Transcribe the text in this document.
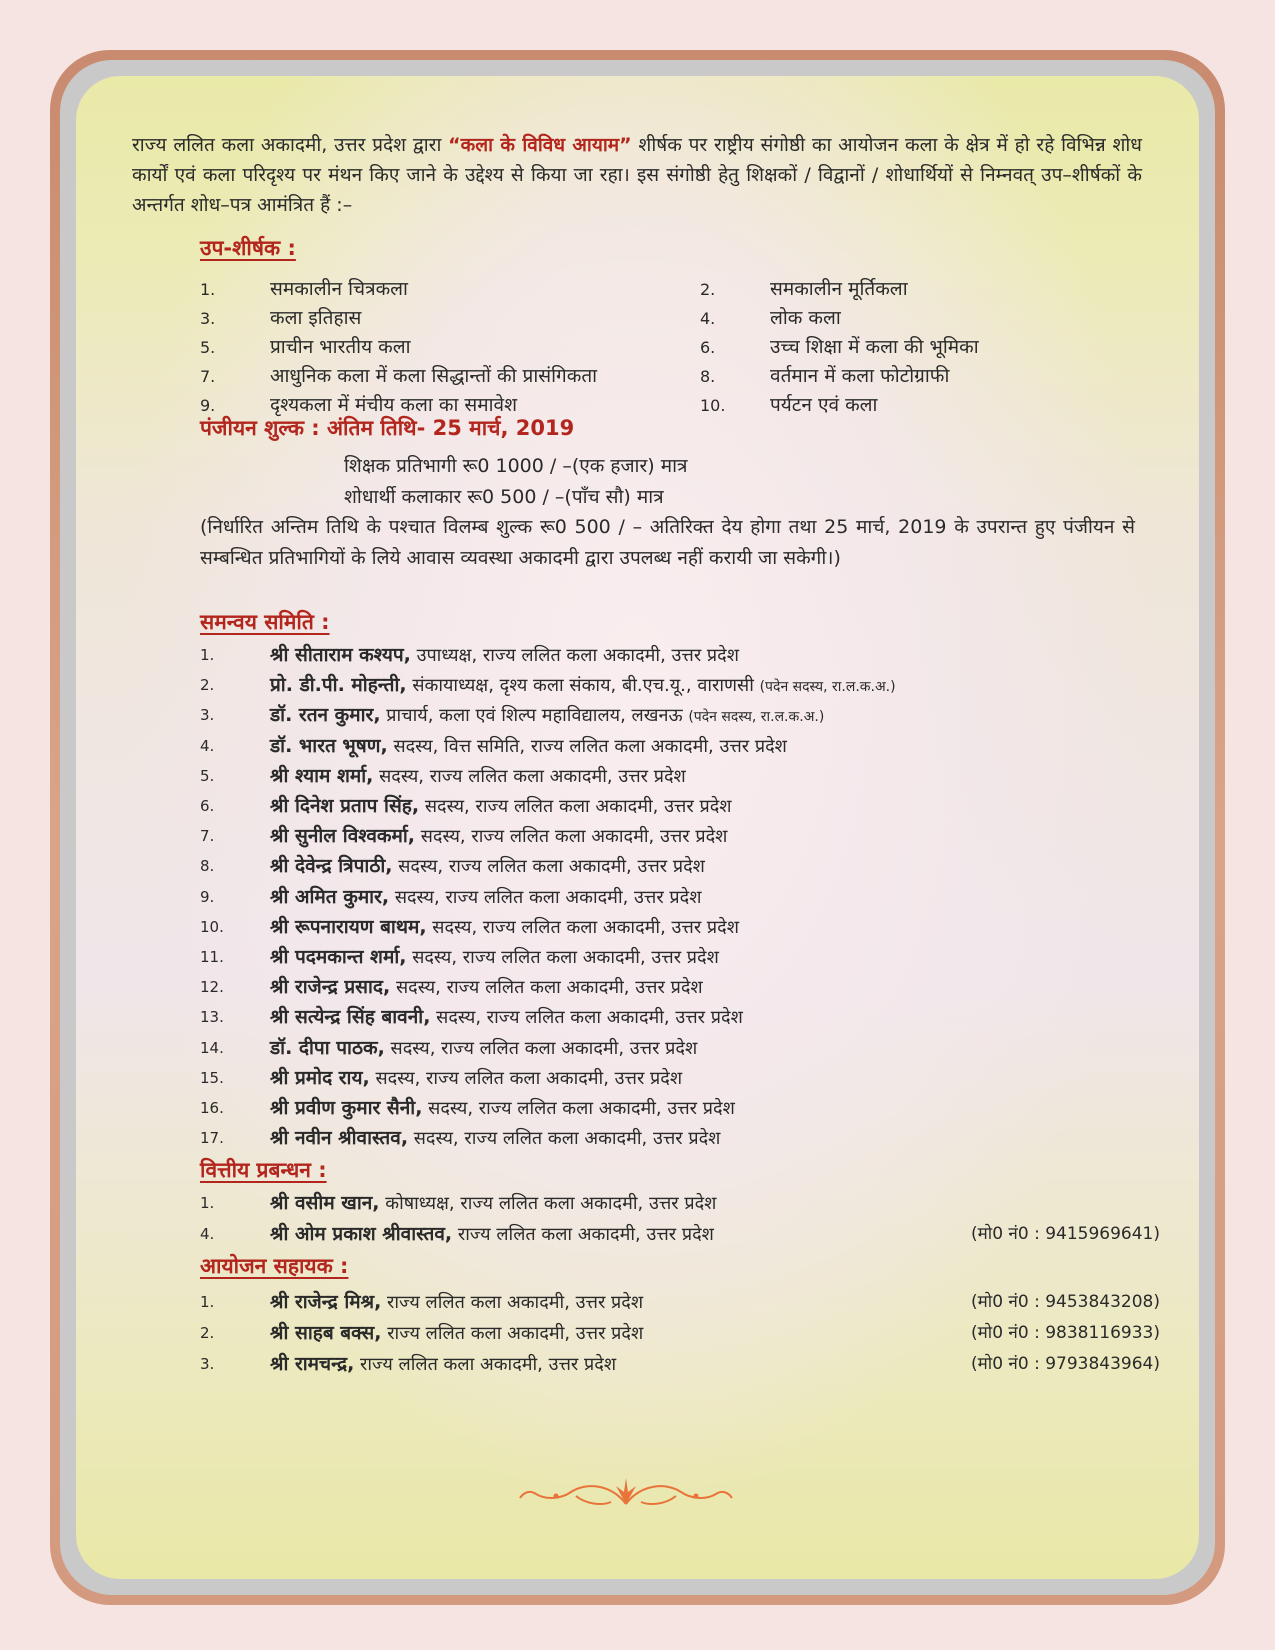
राज्य ललित कला अकादमी, उत्तर प्रदेश द्वारा “कला के विविध आयाम” शीर्षक पर राष्ट्रीय संगोष्ठी का आयोजन कला के क्षेत्र में हो रहे विभिन्न शोध कार्यों एवं कला परिदृश्य पर मंथन किए जाने के उद्देश्य से किया जा रहा। इस संगोष्ठी हेतु शिक्षकों / विद्वानों / शोधार्थियों से निम्नवत् उप–शीर्षकों के अन्तर्गत शोध–पत्र आमंत्रित हैं :–

उप-शीर्षक :
1.	समकालीन चित्रकला	2.	समकालीन मूर्तिकला
3.	कला इतिहास	4.	लोक कला
5.	प्राचीन भारतीय कला	6.	उच्च शिक्षा में कला की भूमिका
7.	आधुनिक कला में कला सिद्धान्तों की प्रासंगिकता	8.	वर्तमान में कला फोटोग्राफी
9.	दृश्यकला में मंचीय कला का समावेश	10. पर्यटन एवं कला
पंजीयन शुल्क : अंतिम तिथि- 25 मार्च, 2019
शिक्षक प्रतिभागी रू0 1000 / –(एक हजार) मात्र
शोधार्थी कलाकार रू0 500 / –(पाँच सौ) मात्र
(निर्धारित अन्तिम तिथि के पश्चात विलम्ब शुल्क रू0 500 / – अतिरिक्त देय होगा तथा 25 मार्च, 2019 के उपरान्त हुए पंजीयन से सम्बन्धित प्रतिभागियों के लिये आवास व्यवस्था अकादमी द्वारा उपलब्ध नहीं करायी जा सकेगी।)
समन्वय समिति :
1.	श्री सीताराम कश्यप, उपाध्यक्ष, राज्य ललित कला अकादमी, उत्तर प्रदेश
2.	प्रो. डी.पी. मोहन्ती, संकायाध्यक्ष, दृश्य कला संकाय, बी.एच.यू., वाराणसी (पदेन सदस्य, रा.ल.क.अ.)
3.	डॉ. रतन कुमार, प्राचार्य, कला एवं शिल्प महाविद्यालय, लखनऊ (पदेन सदस्य, रा.ल.क.अ.)
4.	डॉ. भारत भूषण, सदस्य, वित्त समिति, राज्य ललित कला अकादमी, उत्तर प्रदेश
5.	श्री श्याम शर्मा, सदस्य, राज्य ललित कला अकादमी, उत्तर प्रदेश
6.	श्री दिनेश प्रताप सिंह, सदस्य, राज्य ललित कला अकादमी, उत्तर प्रदेश
7.	श्री सुनील विश्वकर्मा, सदस्य, राज्य ललित कला अकादमी, उत्तर प्रदेश
8.	श्री देवेन्द्र त्रिपाठी, सदस्य, राज्य ललित कला अकादमी, उत्तर प्रदेश
9.	श्री अमित कुमार, सदस्य, राज्य ललित कला अकादमी, उत्तर प्रदेश
10.	श्री रूपनारायण बाथम, सदस्य, राज्य ललित कला अकादमी, उत्तर प्रदेश
11.	श्री पदमकान्त शर्मा, सदस्य, राज्य ललित कला अकादमी, उत्तर प्रदेश
12.	श्री राजेन्द्र प्रसाद, सदस्य, राज्य ललित कला अकादमी, उत्तर प्रदेश
13.	श्री सत्येन्द्र सिंह बावनी, सदस्य, राज्य ललित कला अकादमी, उत्तर प्रदेश
14.	डॉ. दीपा पाठक, सदस्य, राज्य ललित कला अकादमी, उत्तर प्रदेश
15.	श्री प्रमोद राय, सदस्य, राज्य ललित कला अकादमी, उत्तर प्रदेश
16.	श्री प्रवीण कुमार सैनी, सदस्य, राज्य ललित कला अकादमी, उत्तर प्रदेश
17.	श्री नवीन श्रीवास्तव, सदस्य, राज्य ललित कला अकादमी, उत्तर प्रदेश
वित्तीय प्रबन्धन :
1.	श्री वसीम खान, कोषाध्यक्ष, राज्य ललित कला अकादमी, उत्तर प्रदेश
4.	श्री ओम प्रकाश श्रीवास्तव, राज्य ललित कला अकादमी, उत्तर प्रदेश	(मो0 नं0 : 9415969641)
आयोजन सहायक :
1.	श्री राजेन्द्र मिश्र, राज्य ललित कला अकादमी, उत्तर प्रदेश	(मो0 नं0 : 9453843208)
2.	श्री साहब बक्स, राज्य ललित कला अकादमी, उत्तर प्रदेश	(मो0 नं0 : 9838116933)
3.	श्री रामचन्द्र, राज्य ललित कला अकादमी, उत्तर प्रदेश	(मो0 नं0 : 9793843964)
